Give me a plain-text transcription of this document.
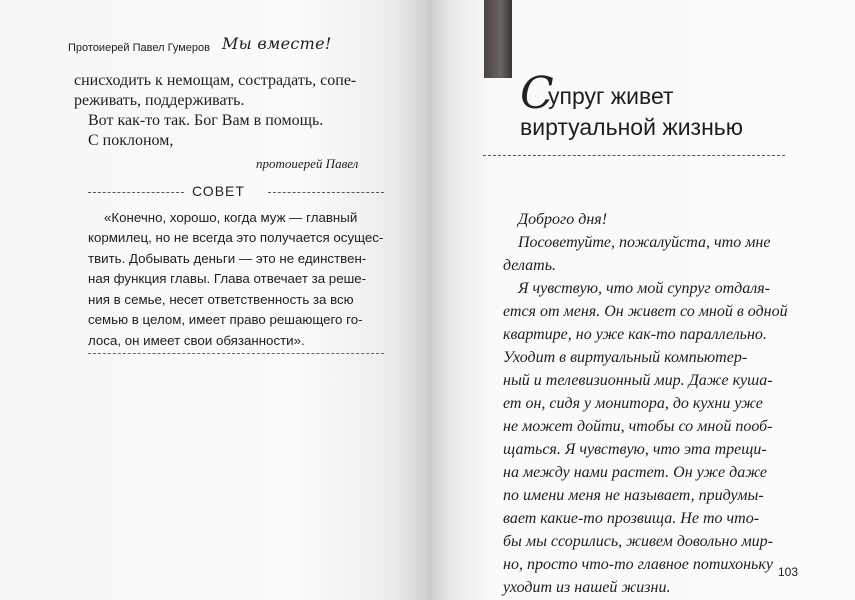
Протоиерей Павел Гумеров Мы вместе!
снисходить к немощам, сострадать, сопе-
реживать, поддерживать.
Вот как-то так. Бог Вам в помощь.
С поклоном,
протоиерей Павел
СОВЕТ
«Конечно, хорошо, когда муж — главный
кормилец, но не всегда это получается осущес-
твить. Добывать деньги — это не единствен-
ная функция главы. Глава отвечает за реше-
ния в семье, несет ответственность за всю
семью в целом, имеет право решающего го-
лоса, он имеет свои обязанности».
С
упруг живет
виртуальной жизнью
Доброго дня!
Посоветуйте, пожалуйста, что мне
делать.
Я чувствую, что мой супруг отдаля-
ется от меня. Он живет со мной в одной
квартире, но уже как-то параллельно.
Уходит в виртуальный компьютер-
ный и телевизионный мир. Даже кушa-
ет он, сидя у монитора, до кухни уже
не может дойти, чтобы со мной пооб-
щаться. Я чувствую, что эта трещи-
на между нами растет. Он уже даже
по имени меня не называет, придумы-
вает какие-то прозвища. Не то что-
бы мы ссорились, живем довольно мир-
но, просто что-то главное потихоньку
уходит из нашей жизни.
103
